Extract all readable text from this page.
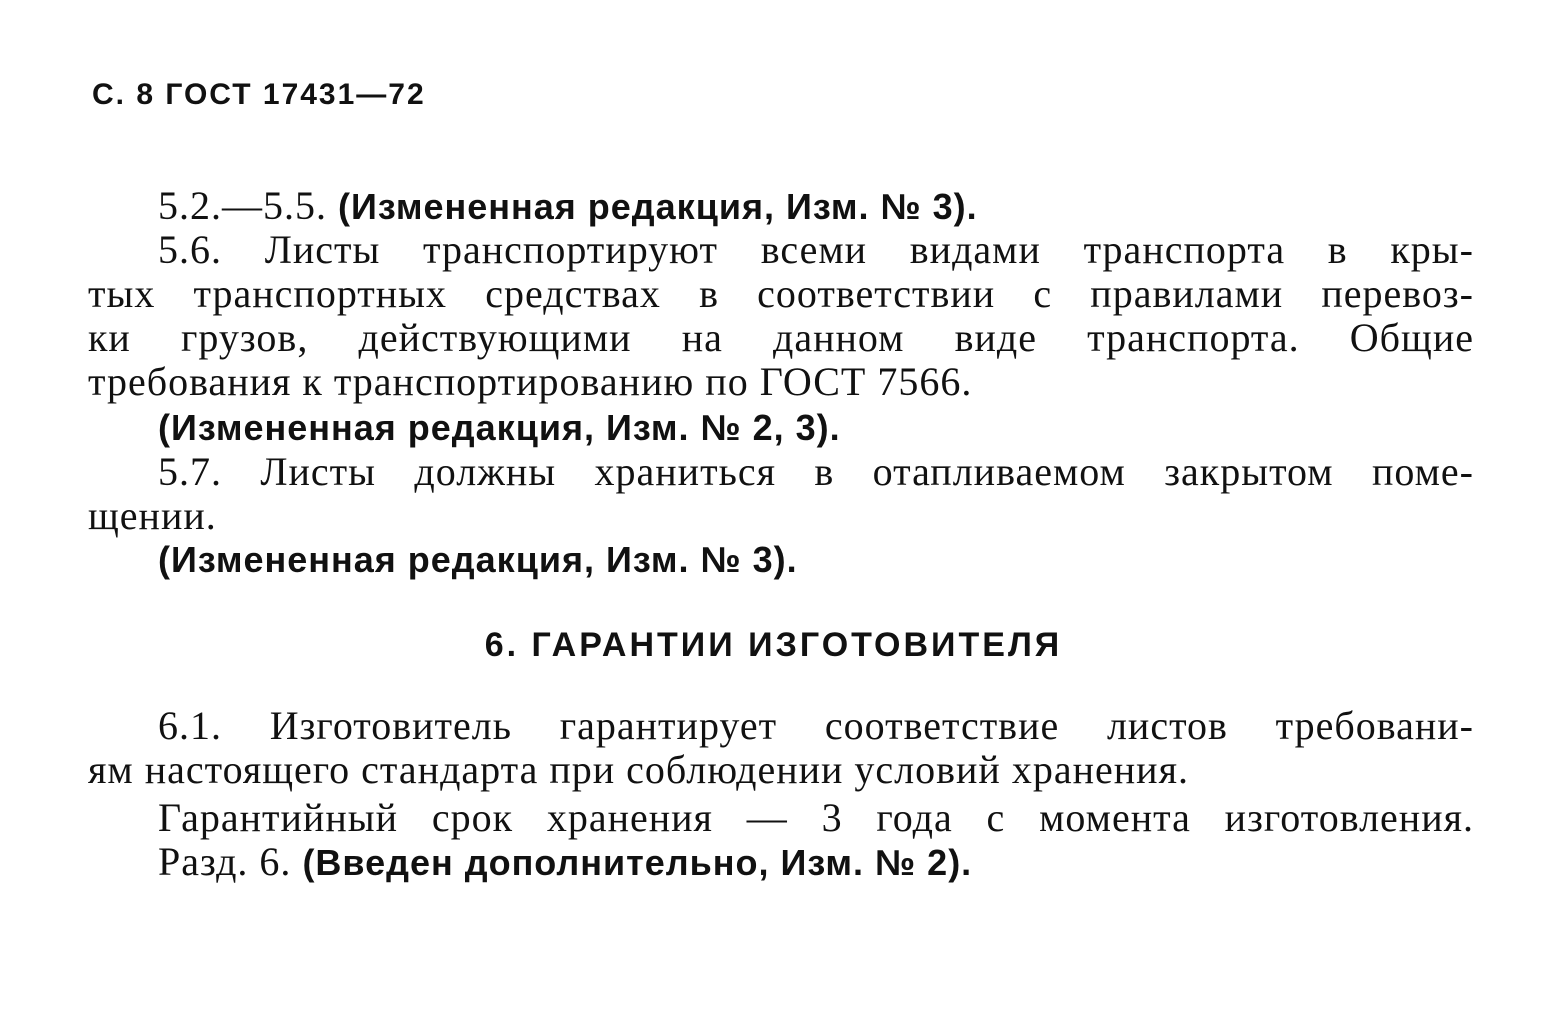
С. 8 ГОСТ 17431—72
5.2.—5.5. (Измененная редакция, Изм. № 3).
5.6. Листы транспортируют всеми видами транспорта в кры-
тых транспортных средствах в соответствии с правилами перевоз-
ки грузов, действующими на данном виде транспорта. Общие
требования к транспортированию по ГОСТ 7566.
(Измененная редакция, Изм. № 2, 3).
5.7. Листы должны храниться в отапливаемом закрытом поме-
щении.
(Измененная редакция, Изм. № 3).
6. ГАРАНТИИ ИЗГОТОВИТЕЛЯ
6.1. Изготовитель гарантирует соответствие листов требовани-
ям настоящего стандарта при соблюдении условий хранения.
Гарантийный срок хранения — 3 года с момента изготовления.
Разд. 6. (Введен дополнительно, Изм. № 2).
